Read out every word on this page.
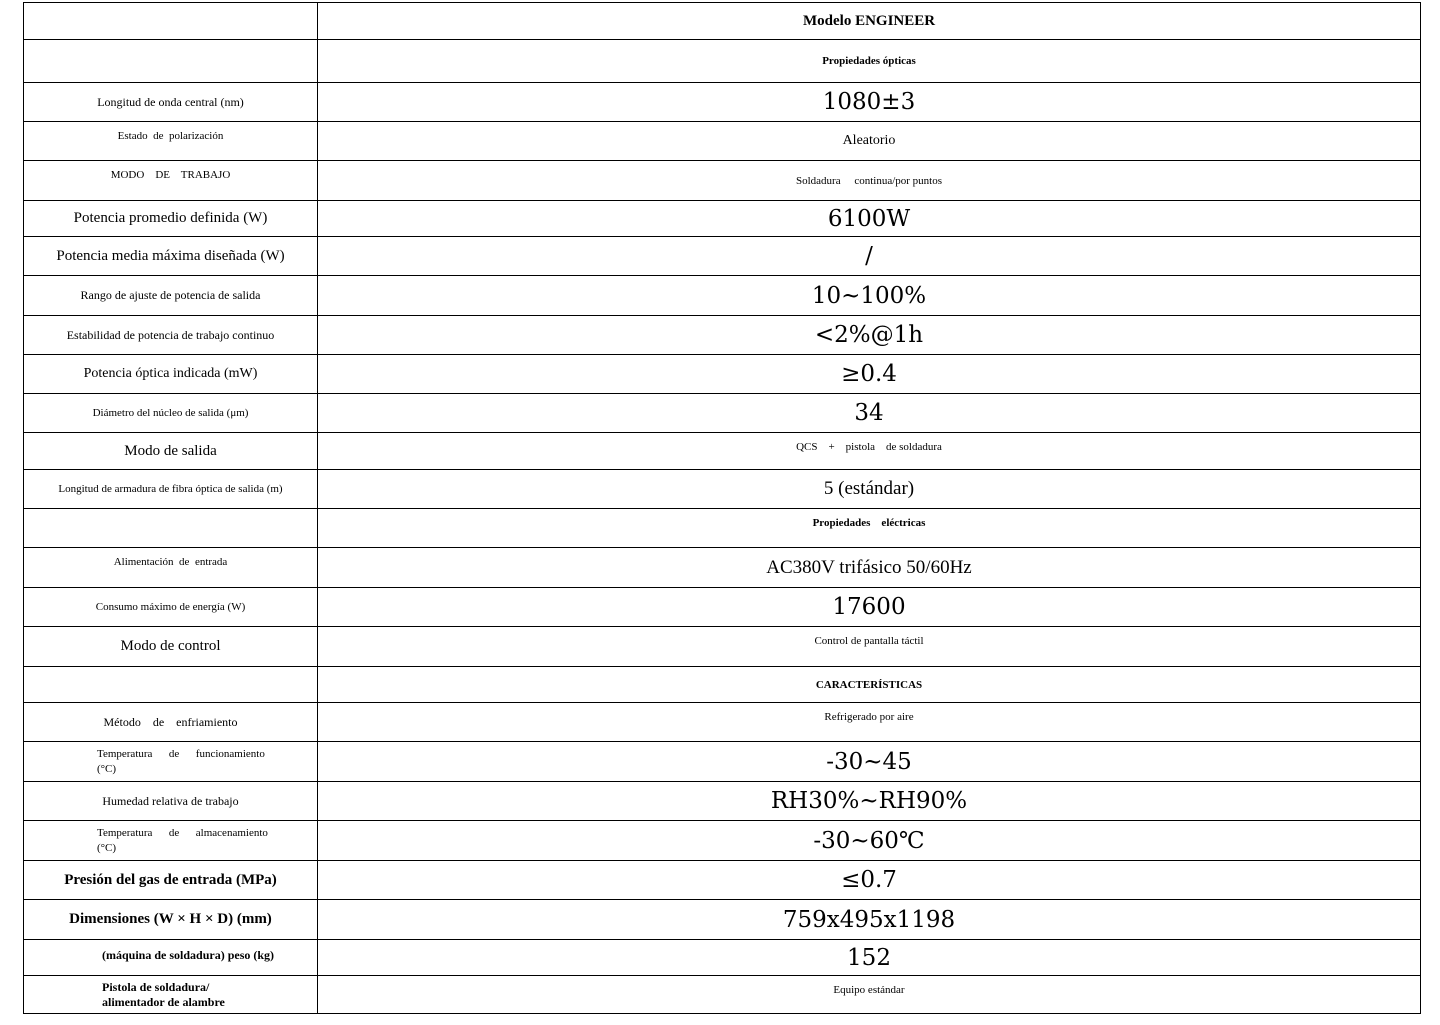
	Modelo ENGINEER
	Propiedades ópticas
Longitud de onda central (nm)	1080±3
Estado  de  polarización	Aleatorio
MODO    DE    TRABAJO	Soldadura     continua/por puntos
Potencia promedio definida (W)	6100W
Potencia media máxima diseñada (W)	/
Rango de ajuste de potencia de salida	10~100%
Estabilidad de potencia de trabajo continuo	<2%@1h
Potencia óptica indicada (mW)	≥0.4
Diámetro del núcleo de salida (μm)	34
Modo de salida	QCS    +    pistola    de soldadura
Longitud de armadura de fibra óptica de salida (m)	5 (estándar)
	Propiedades    eléctricas
Alimentación  de  entrada	AC380V trifásico 50/60Hz
Consumo máximo de energía (W)	17600
Modo de control	Control de pantalla táctil
	CARACTERÍSTICAS
Método    de    enfriamiento	Refrigerado por aire

Temperatura      de      funcionamiento
(°C)	-30~45
Humedad relativa de trabajo	RH30%~RH90%

Temperatura      de      almacenamiento
(°C)	-30~60℃
Presión del gas de entrada (MPa)	≤0.7
Dimensiones (W × H × D) (mm)	759x495x1198
(máquina de soldadura) peso (kg)	152

Pistola de soldadura/
alimentador de alambre	Equipo estándar
